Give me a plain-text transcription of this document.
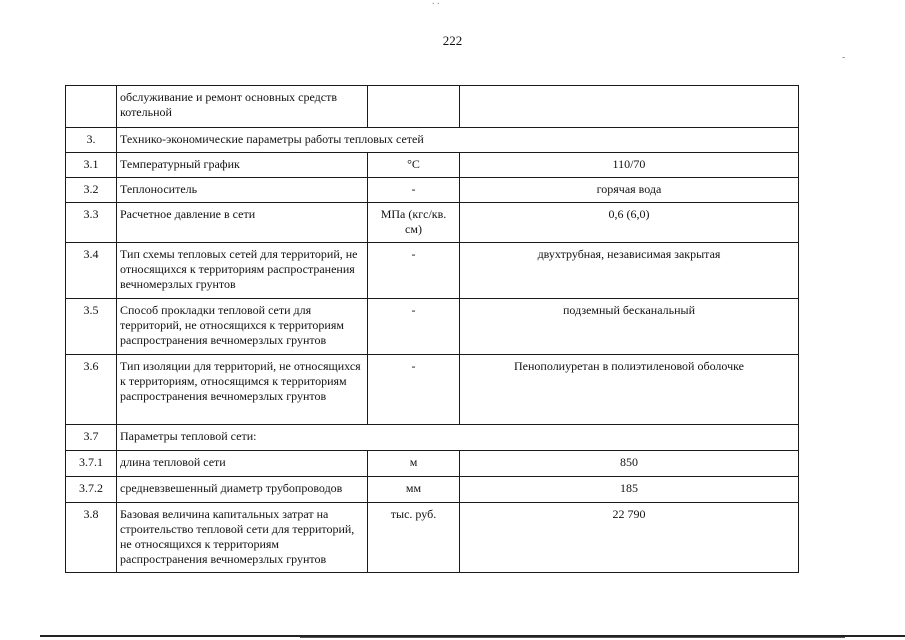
. .
-
222
	обслуживание и ремонт основных средств котельной		
3.	Технико-экономические параметры работы тепловых сетей		
3.1	Температурный график	°C	110/70
3.2	Теплоноситель	-	горячая вода
3.3	Расчетное давление в сети	МПа (кгс/кв. см)	0,6 (6,0)
3.4	Тип схемы тепловых сетей для территорий, не относящихся к территориям распространения вечномерзлых грунтов	-	двухтрубная, независимая закрытая
3.5	Способ прокладки тепловой сети для территорий, не относящихся к территориям распространения вечномерзлых грунтов	-	подземный бесканальный
3.6	Тип изоляции для территорий, не относящихся к территориям, относящимся к территориям распространения вечномерзлых грунтов	-	Пенополиуретан в полиэтиленовой оболочке
3.7	Параметры тепловой сети:		
3.7.1	длина тепловой сети	м	850
3.7.2	средневзвешенный диаметр трубопроводов	мм	185
3.8	Базовая величина капитальных затрат на строительство тепловой сети для территорий, не относящихся к территориям распространения вечномерзлых грунтов	тыс. руб.	22 790
